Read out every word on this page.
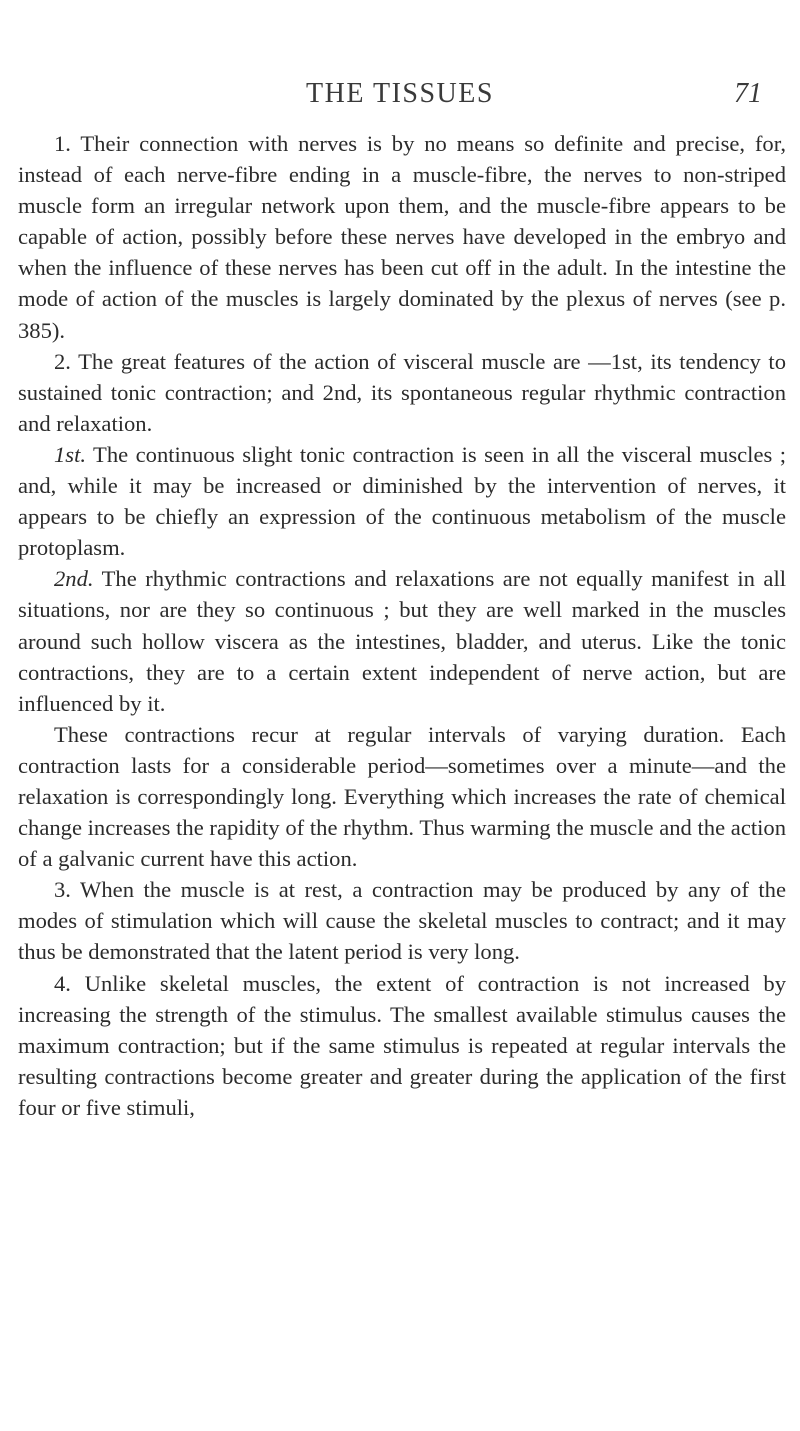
THE TISSUES	71

1. Their connection with nerves is by no means so definite and precise, for, instead of each nerve-fibre ending in a muscle-fibre, the nerves to non-striped muscle form an irregular network upon them, and the muscle-fibre appears to be capable of action, possibly before these nerves have developed in the embryo and when the influence of these nerves has been cut off in the adult. In the intestine the mode of action of the muscles is largely dominated by the plexus of nerves (see p. 385).

2. The great features of the action of visceral muscle are —1st, its tendency to sustained tonic contraction; and 2nd, its spontaneous regular rhythmic contraction and relaxation.

1st. The continuous slight tonic contraction is seen in all the visceral muscles ; and, while it may be increased or diminished by the intervention of nerves, it appears to be chiefly an expression of the continuous metabolism of the muscle protoplasm.

2nd. The rhythmic contractions and relaxations are not equally manifest in all situations, nor are they so continuous ; but they are well marked in the muscles around such hollow viscera as the intestines, bladder, and uterus. Like the tonic contractions, they are to a certain extent independent of nerve action, but are influenced by it.

These contractions recur at regular intervals of varying duration. Each contraction lasts for a considerable period—sometimes over a minute—and the relaxation is correspondingly long. Everything which increases the rate of chemical change increases the rapidity of the rhythm. Thus warming the muscle and the action of a galvanic current have this action.

3. When the muscle is at rest, a contraction may be produced by any of the modes of stimulation which will cause the skeletal muscles to contract; and it may thus be demonstrated that the latent period is very long.

4. Unlike skeletal muscles, the extent of contraction is not increased by increasing the strength of the stimulus. The smallest available stimulus causes the maximum contraction; but if the same stimulus is repeated at regular intervals the resulting contractions become greater and greater during the application of the first four or five stimuli,
